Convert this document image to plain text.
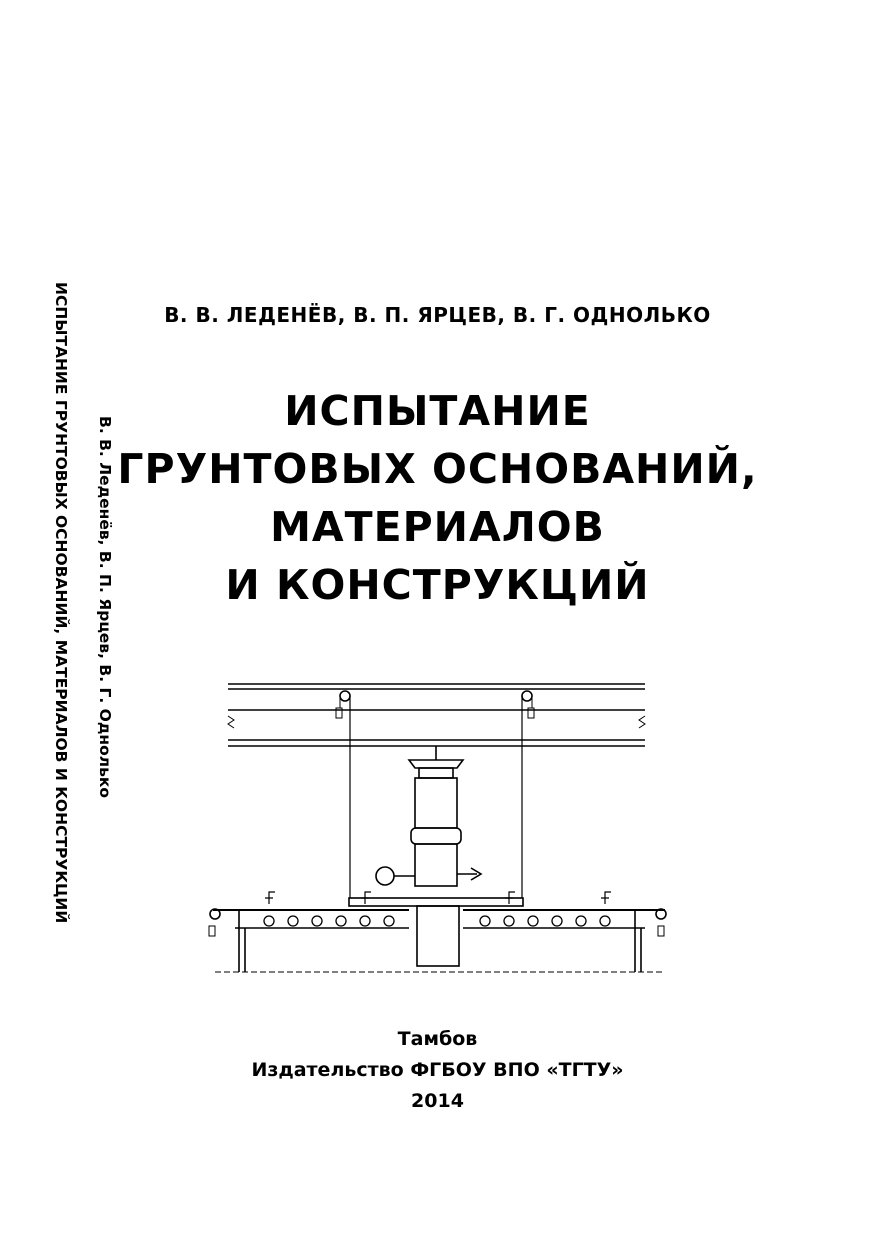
ИСПЫТАНИЕ ГРУНТОВЫХ ОСНОВАНИЙ, МАТЕРИАЛОВ И КОНСТРУКЦИЙ В. В. Леденёв, В. П. Ярцев, В. Г. Однолько
В. В. ЛЕДЕНЁВ, В. П. ЯРЦЕВ, В. Г. ОДНОЛЬКО
ИСПЫТАНИЕ
ГРУНТОВЫХ ОСНОВАНИЙ,
МАТЕРИАЛОВ
И КОНСТРУКЦИЙ
Тамбов
Издательство ФГБОУ ВПО «ТГТУ»
2014
